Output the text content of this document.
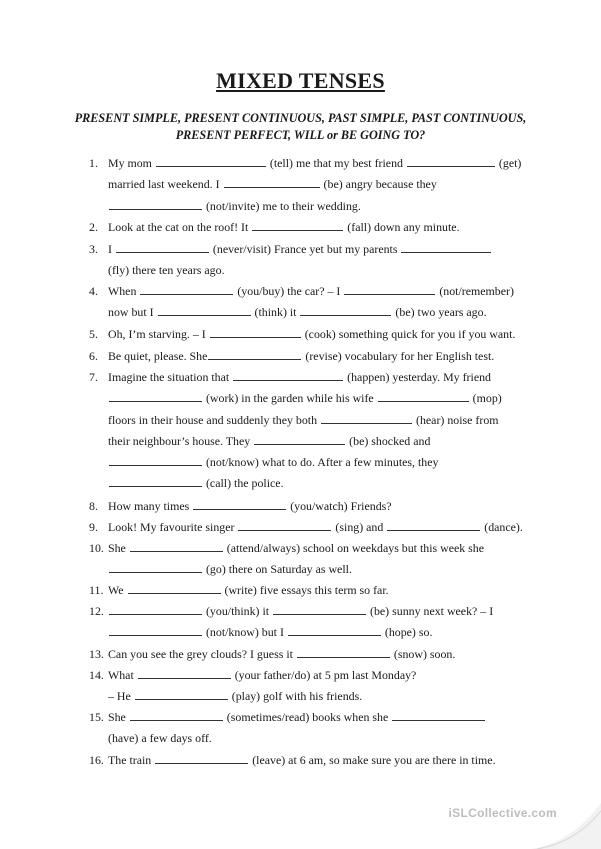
MIXED TENSES
PRESENT SIMPLE, PRESENT CONTINUOUS, PAST SIMPLE, PAST CONTINUOUS,
PRESENT PERFECT, WILL or BE GOING TO?
1. My mom	(tell) me that my best friend	(get)
married last weekend. I	(be) angry because they
(not/invite) me to their wedding.
2. Look at the cat on the roof! It	(fall) down any minute.
3. I	(never/visit) France yet but my parents
(fly) there ten years ago.
4. When	(you/buy) the car? – I	(not/remember)
now but I	(think) it	(be) two years ago.
5. Oh, I’m starving. – I	(cook) something quick for you if you want.
6. Be quiet, please. She	(revise) vocabulary for her English test.
7. Imagine the situation that	(happen) yesterday. My friend
(work) in the garden while his wife	(mop)
floors in their house and suddenly they both	(hear) noise from
their neighbour’s house. They	(be) shocked and
(not/know) what to do. After a few minutes, they
(call) the police.
8. How many times	(you/watch) Friends?
9. Look! My favourite singer	(sing) and	(dance).
10. She	(attend/always) school on weekdays but this week she
(go) there on Saturday as well.
11. We	(write) five essays this term so far.
12.	(you/think) it	(be) sunny next week? – I
(not/know) but I	(hope) so.
13. Can you see the grey clouds? I guess it	(snow) soon.
14. What	(your father/do) at 5 pm last Monday?
– He	(play) golf with his friends.
15. She	(sometimes/read) books when she
(have) a few days off.
16. The train	(leave) at 6 am, so make sure you are there in time.
iSLCollective.com
